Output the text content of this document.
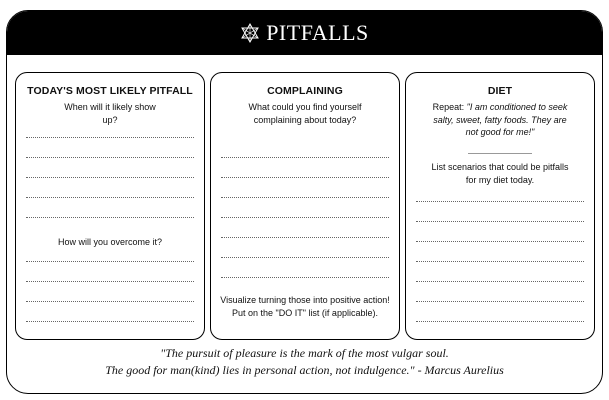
PITFALLS
TODAY'S MOST LIKELY PITFALL
When will it likely show up?
How will you overcome it?
COMPLAINING
What could you find yourself complaining about today?
Visualize turning those into positive action! Put on the "DO IT" list (if applicable).
DIET
Repeat: "I am conditioned to seek salty, sweet, fatty foods. They are not good for me!"
List scenarios that could be pitfalls for my diet today.
"The pursuit of pleasure is the mark of the most vulgar soul.
The good for man(kind) lies in personal action, not indulgence." - Marcus Aurelius
